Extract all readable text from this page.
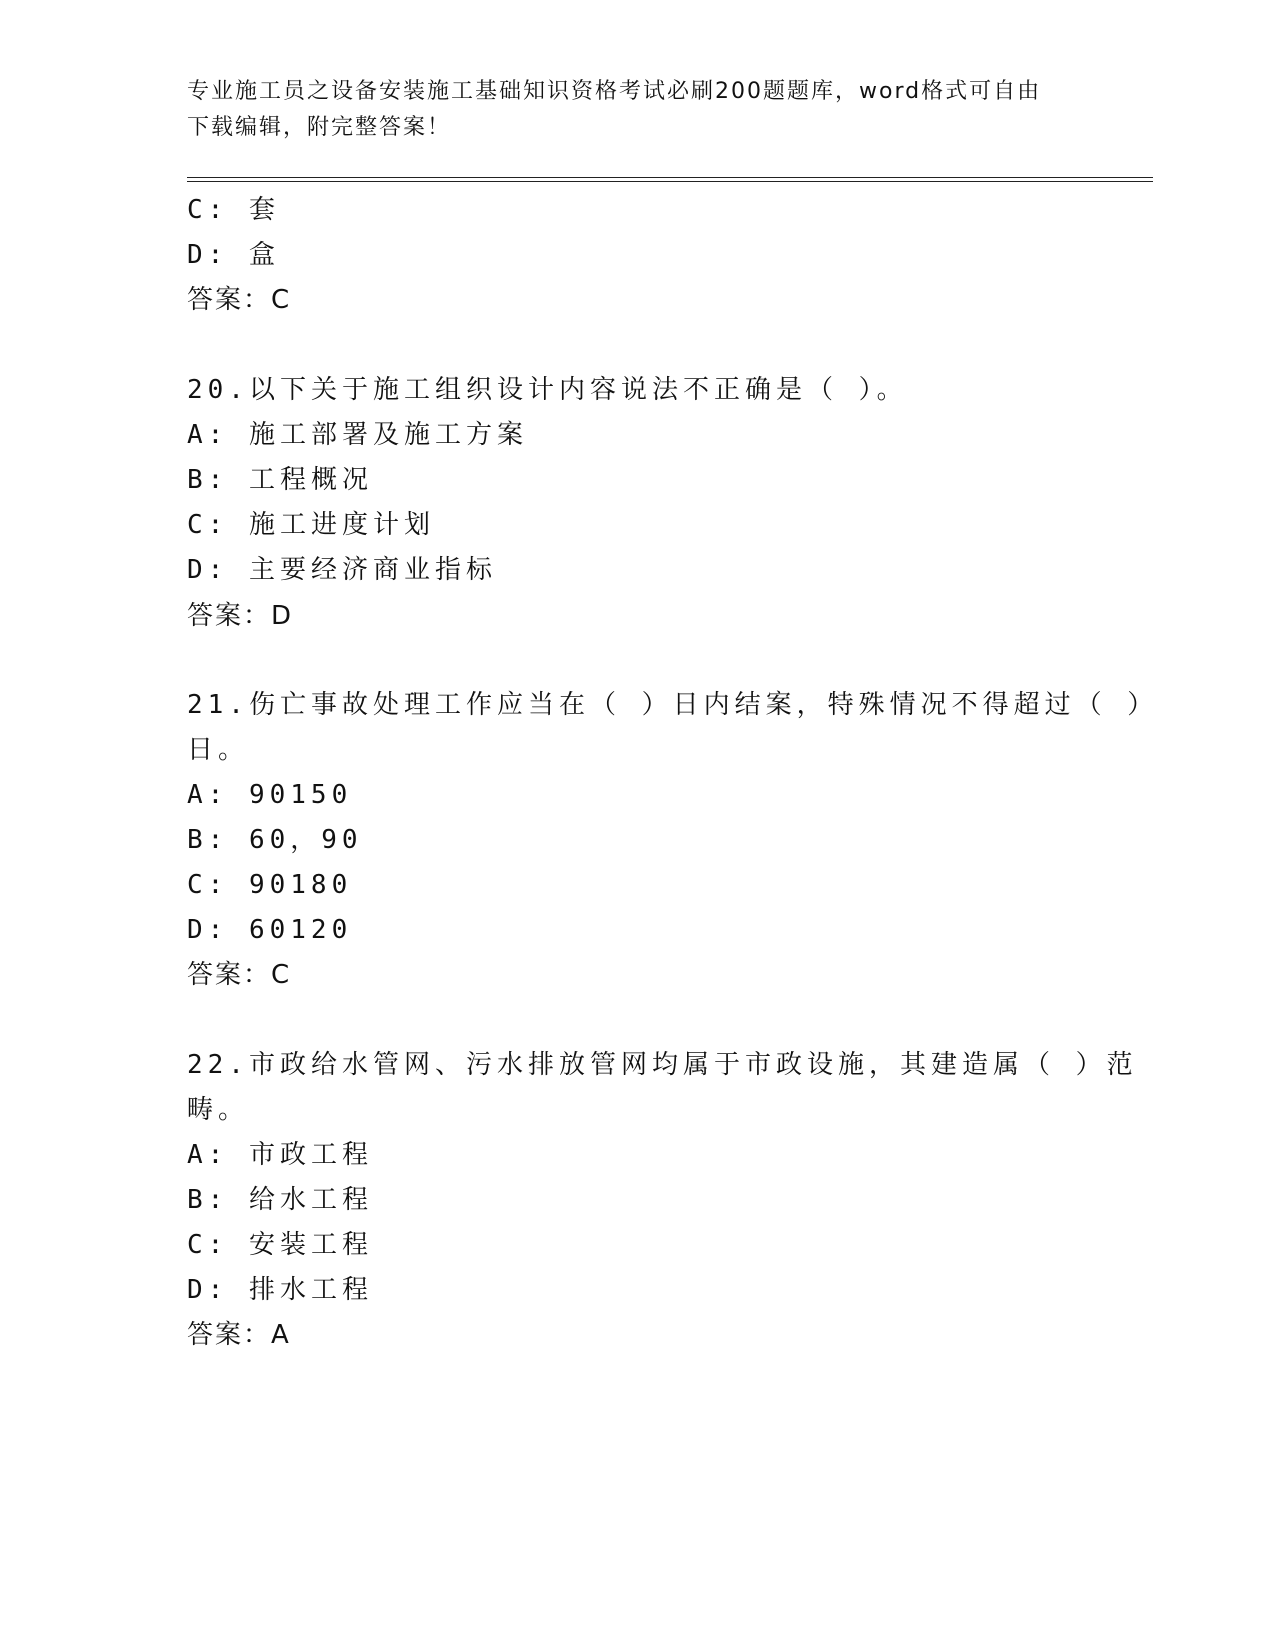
专业施工员之设备安装施工基础知识资格考试必刷200题题库，word格式可自由
下载编辑，附完整答案！
C: 套
D: 盒
答案：C
20.以下关于施工组织设计内容说法不正确是（ ）。
A: 施工部署及施工方案
B: 工程概况
C: 施工进度计划
D: 主要经济商业指标
答案：D
21.伤亡事故处理工作应当在（ ）日内结案，特殊情况不得超过（ ）
日。
A: 90150
B: 60，90
C: 90180
D: 60120
答案：C
22.市政给水管网、污水排放管网均属于市政设施，其建造属（ ）范
畴。
A: 市政工程
B: 给水工程
C: 安装工程
D: 排水工程
答案：A
